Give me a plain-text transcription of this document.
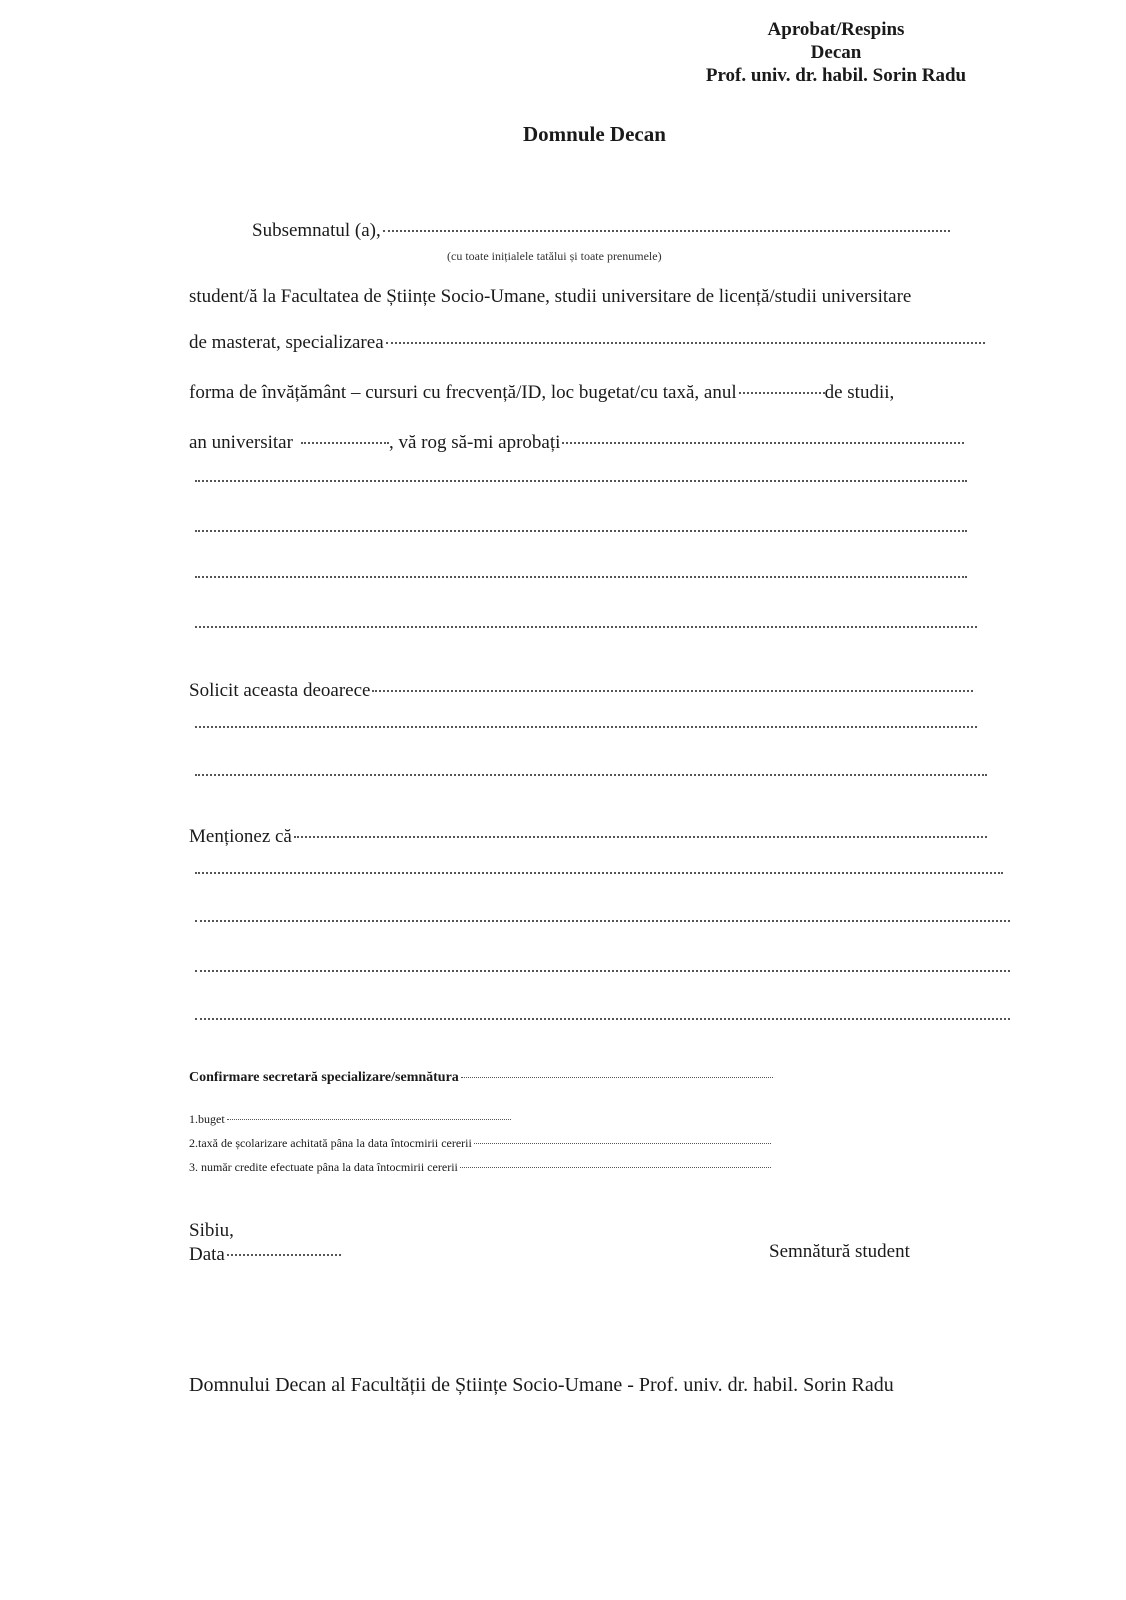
Aprobat/Respins
Decan
Prof. univ. dr. habil. Sorin Radu
Domnule Decan
Subsemnatul (a),
(cu toate inițialele tatălui și toate prenumele)
student/ă la Facultatea de Științe Socio-Umane, studii universitare de licență/studii universitare
de masterat, specializarea
forma de învățământ – cursuri cu frecvență/ID, loc bugetat/cu taxă, anul	de studii,
an universitar	, vă rog să-mi aprobați
Solicit aceasta deoarece
Menționez că
Confirmare secretară specializare/semnătura
1.buget
2.taxă de școlarizare achitată pâna la data întocmirii cererii
3. număr credite efectuate pâna la data întocmirii cererii
Sibiu,
Data	Semnătură student
Domnului Decan al Facultății de Științe Socio-Umane - Prof. univ. dr. habil. Sorin Radu
